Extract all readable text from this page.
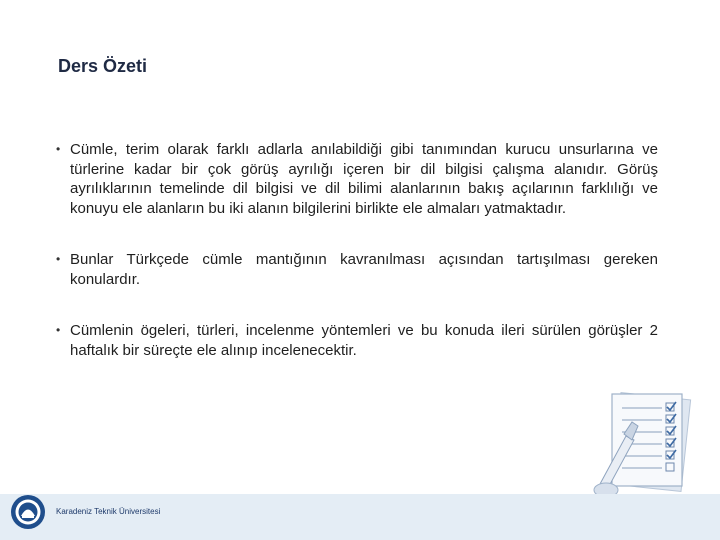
Ders Özeti
• Cümle, terim olarak farklı adlarla anılabildiği gibi tanımından kurucu unsurlarına ve türlerine kadar bir çok görüş ayrılığı içeren bir dil bilgisi çalışma alanıdır. Görüş ayrılıklarının temelinde dil bilgisi ve dil bilimi alanlarının bakış açılarının farklılığı ve konuyu ele alanların bu iki alanın bilgilerini birlikte ele almaları yatmaktadır.
• Bunlar Türkçede cümle mantığının kavranılması açısından tartışılması gereken konulardır.
• Cümlenin ögeleri, türleri, incelenme yöntemleri ve bu konuda ileri sürülen görüşler 2 haftalık bir süreçte ele alınıp incelenecektir.
Karadeniz Teknik Üniversitesi
